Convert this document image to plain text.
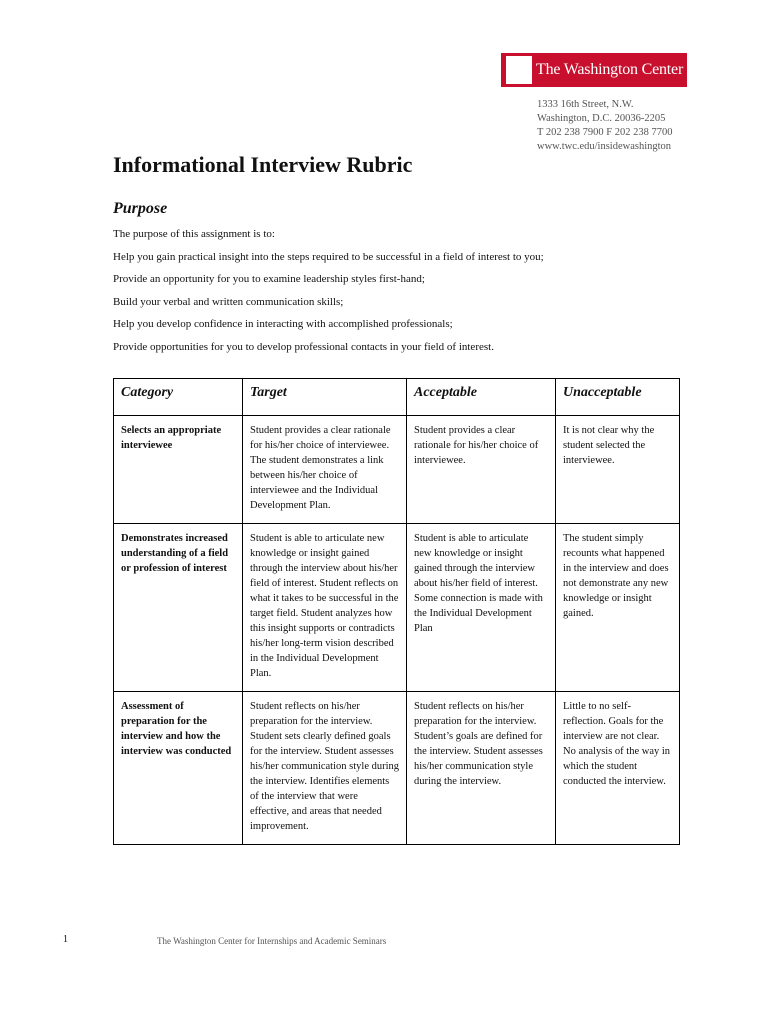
The Washington Center
1333 16th Street, N.W.
Washington, D.C. 20036-2205
T 202 238 7900 F 202 238 7700
www.twc.edu/insidewashington
Informational Interview Rubric
Purpose
The purpose of this assignment is to:
Help you gain practical insight into the steps required to be successful in a field of interest to you;
Provide an opportunity for you to examine leadership styles first-hand;
Build your verbal and written communication skills;
Help you develop confidence in interacting with accomplished professionals;
Provide opportunities for you to develop professional contacts in your field of interest.
Category	Target	Acceptable	Unacceptable
Selects an appropriate interviewee	Student provides a clear rationale for his/her choice of interviewee. The student demonstrates a link between his/her choice of interviewee and the Individual Development Plan.	Student provides a clear rationale for his/her choice of interviewee.	It is not clear why the student selected the interviewee.
Demonstrates increased understanding of a field or profession of interest	Student is able to articulate new knowledge or insight gained through the interview about his/her field of interest. Student reflects on what it takes to be successful in the target field. Student analyzes how this insight supports or contradicts his/her long-term vision described in the Individual Development Plan.	Student is able to articulate new knowledge or insight gained through the interview about his/her field of interest. Some connection is made with the Individual Development Plan	The student simply recounts what happened in the interview and does not demonstrate any new knowledge or insight gained.
Assessment of preparation for the interview and how the interview was conducted	Student reflects on his/her preparation for the interview. Student sets clearly defined goals for the interview. Student assesses his/her communication style during the interview. Identifies elements of the interview that were effective, and areas that needed improvement.	Student reflects on his/her preparation for the interview. Student’s goals are defined for the interview. Student assesses his/her communication style during the interview.	Little to no self-reflection. Goals for the interview are not clear. No analysis of the way in which the student conducted the interview.
1	The Washington Center for Internships and Academic Seminars
